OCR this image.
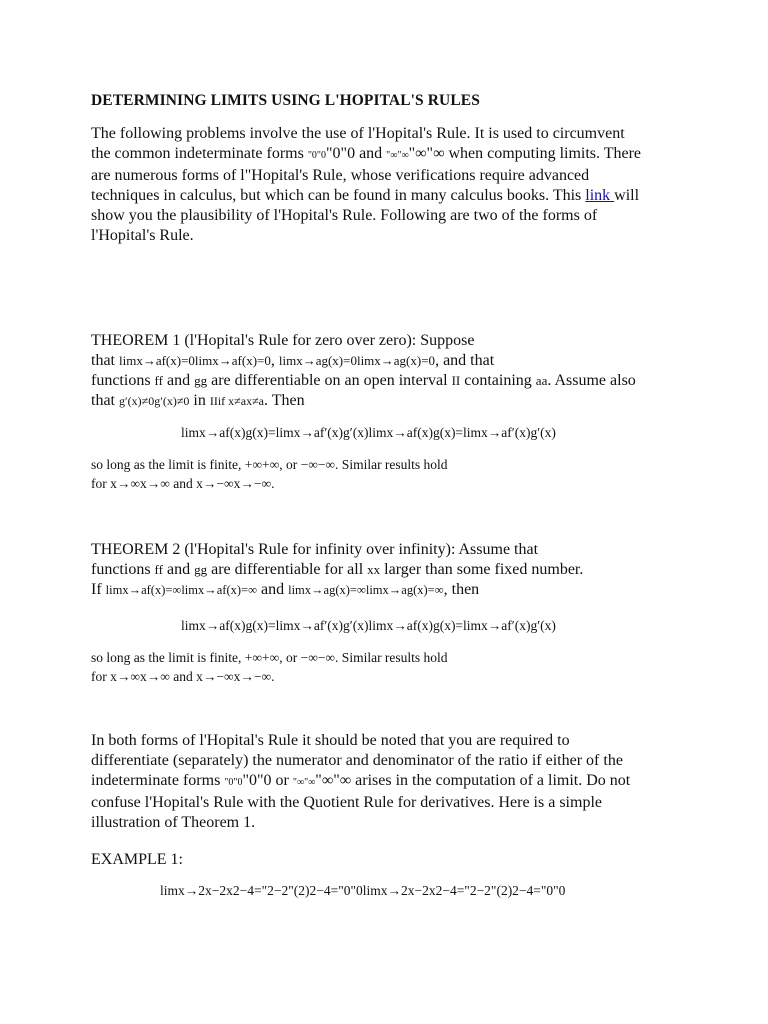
DETERMINING LIMITS USING L'HOPITAL'S RULES

The following problems involve the use of l'Hopital's Rule. It is used to circumvent
the common indeterminate forms "0"0"0"0 and "∞"∞"∞"∞ when computing limits. There
are numerous forms of l"Hopital's Rule, whose verifications require advanced
techniques in calculus, but which can be found in many calculus books. This link will
show you the plausibility of l'Hopital's Rule. Following are two of the forms of
l'Hopital's Rule.
THEOREM 1 (l'Hopital's Rule for zero over zero): Suppose
that limx→af(x)=0limx→af(x)=0, limx→ag(x)=0limx→ag(x)=0, and that
functions ff and gg are differentiable on an open interval II containing aa. Assume also
that g′(x)≠0g′(x)≠0 in IIif x≠ax≠a. Then

limx→af(x)g(x)=limx→af′(x)g′(x)limx→af(x)g(x)=limx→af′(x)g′(x)

so long as the limit is finite, +∞+∞, or −∞−∞. Similar results hold
for x→∞x→∞ and x→−∞x→−∞.
THEOREM 2 (l'Hopital's Rule for infinity over infinity): Assume that
functions ff and gg are differentiable for all xx larger than some fixed number.
If limx→af(x)=∞limx→af(x)=∞ and limx→ag(x)=∞limx→ag(x)=∞, then

limx→af(x)g(x)=limx→af′(x)g′(x)limx→af(x)g(x)=limx→af′(x)g′(x)

so long as the limit is finite, +∞+∞, or −∞−∞. Similar results hold
for x→∞x→∞ and x→−∞x→−∞.
In both forms of l'Hopital's Rule it should be noted that you are required to
differentiate (separately) the numerator and denominator of the ratio if either of the
indeterminate forms "0"0"0"0 or "∞"∞"∞"∞ arises in the computation of a limit. Do not
confuse l'Hopital's Rule with the Quotient Rule for derivatives. Here is a simple
illustration of Theorem 1.

EXAMPLE 1:

limx→2x−2x2−4="2−2"(2)2−4="0"0limx→2x−2x2−4="2−2"(2)2−4="0"0
